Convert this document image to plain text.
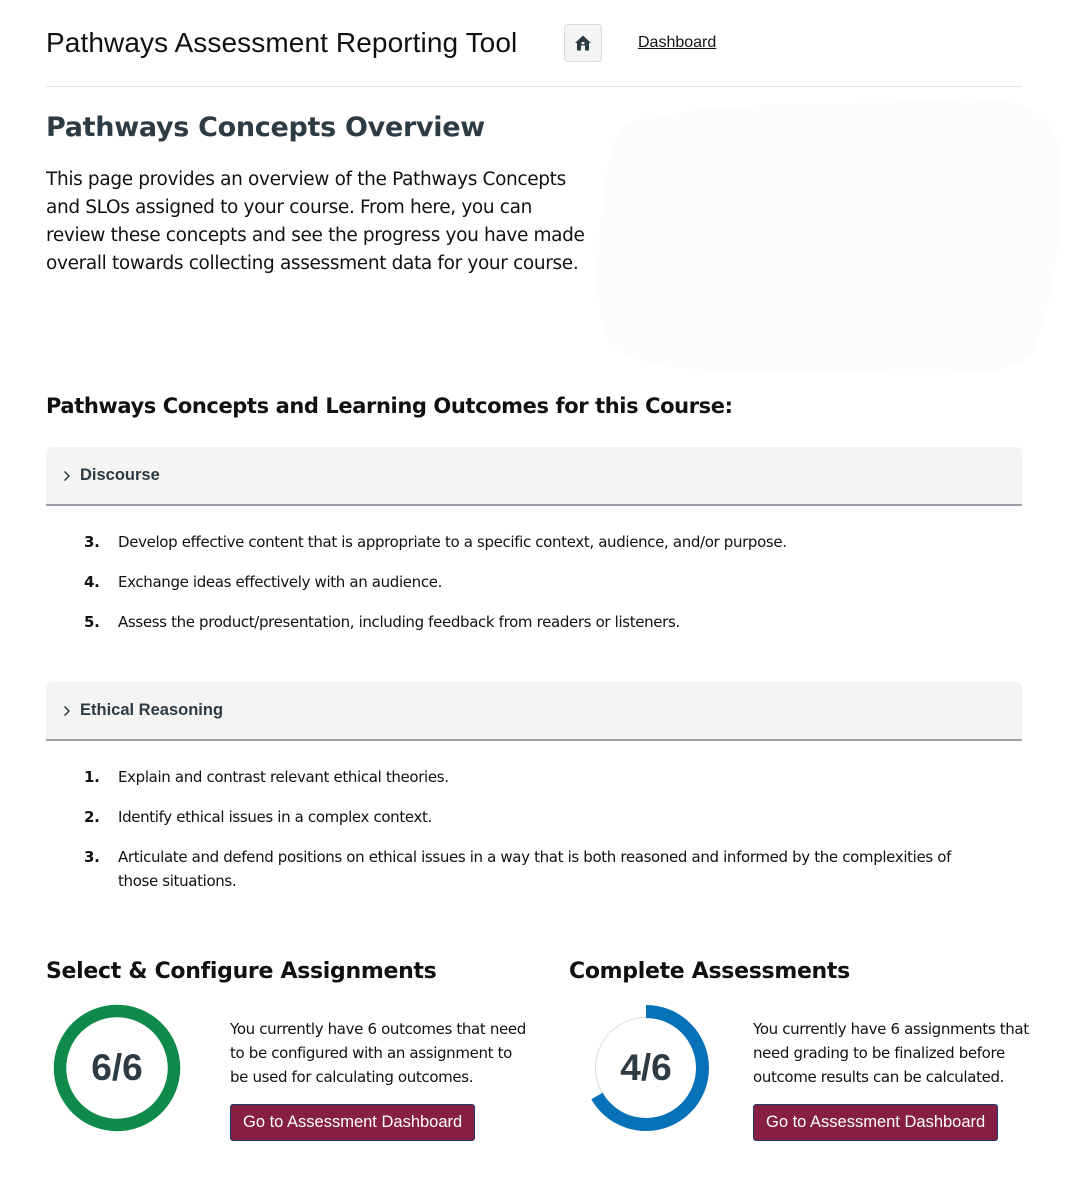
Pathways Assessment Reporting Tool	Dashboard
Pathways Concepts Overview

This page provides an overview of the Pathways Concepts and SLOs assigned to your course. From here, you can review these concepts and see the progress you have made overall towards collecting assessment data for your course.

Pathways Concepts and Learning Outcomes for this Course:
Discourse
3. Develop effective content that is appropriate to a specific context, audience, and/or purpose.
4. Exchange ideas effectively with an audience.
5. Assess the product/presentation, including feedback from readers or listeners.
Ethical Reasoning
1. Explain and contrast relevant ethical theories.
2. Identify ethical issues in a complex context.
3. Articulate and defend positions on ethical issues in a way that is both reasoned and informed by the complexities of those situations.
Select & Configure Assignments
6/6

You currently have 6 outcomes that need to be configured with an assignment to be used for calculating outcomes.

Go to Assessment Dashboard
Complete Assessments
4/6

You currently have 6 assignments that need grading to be finalized before outcome results can be calculated.

Go to Assessment Dashboard
